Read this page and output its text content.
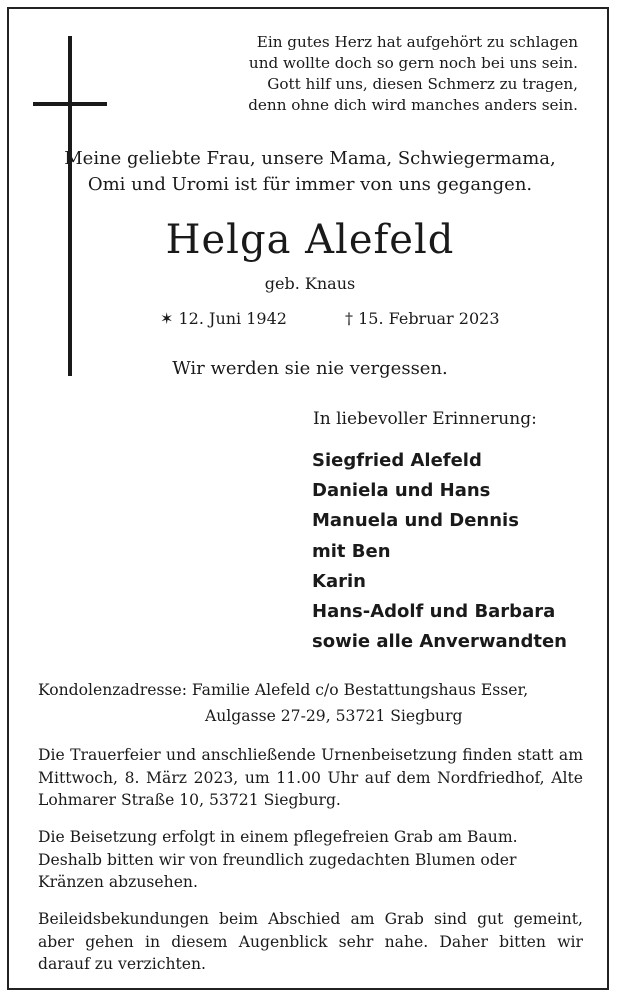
Ein gutes Herz hat aufgehört zu schlagen
und wollte doch so gern noch bei uns sein.
Gott hilf uns, diesen Schmerz zu tragen,
denn ohne dich wird manches anders sein.
Meine geliebte Frau, unsere Mama, Schwiegermama,
Omi und Uromi ist für immer von uns gegangen.
Helga Alefeld
geb. Knaus
✶ 12. Juni 1942	† 15. Februar 2023
Wir werden sie nie vergessen.
In liebevoller Erinnerung:
Siegfried Alefeld
Daniela und Hans
Manuela und Dennis
mit Ben
Karin
Hans-Adolf und Barbara
sowie alle Anverwandten
Kondolenzadresse: Familie Alefeld c/o Bestattungshaus Esser,
Aulgasse 27-29, 53721 Siegburg
Die Trauerfeier und anschließende Urnenbeisetzung finden statt am Mittwoch, 8. März 2023, um 11.00 Uhr auf dem Nordfriedhof, Alte Lohmarer Straße 10, 53721 Siegburg.
Die Beisetzung erfolgt in einem pflegefreien Grab am Baum. Deshalb bitten wir von freundlich zugedachten Blumen oder Kränzen abzusehen.
Beileidsbekundungen beim Abschied am Grab sind gut gemeint, aber gehen in diesem Augenblick sehr nahe. Daher bitten wir darauf zu verzichten.
